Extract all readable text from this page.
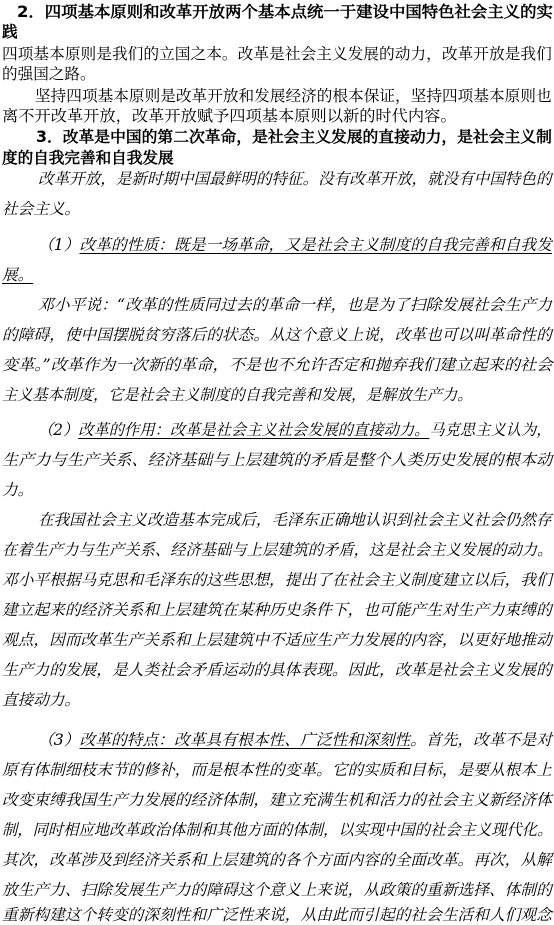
2．四项基本原则和改革开放两个基本点统一于建设中国特色社会主义的实
践
四项基本原则是我们的立国之本。改革是社会主义发展的动力，改革开放是我们
的强国之路。
坚持四项基本原则是改革开放和发展经济的根本保证，坚持四项基本原则也
离不开改革开放，改革开放赋予四项基本原则以新的时代内容。
3．改革是中国的第二次革命，是社会主义发展的直接动力，是社会主义制
度的自我完善和自我发展
改革开放，是新时期中国最鲜明的特征。没有改革开放，就没有中国特色的
社会主义。
（1）改革的性质：既是一场革命，又是社会主义制度的自我完善和自我发
展。
邓小平说：“改革的性质同过去的革命一样，也是为了扫除发展社会生产力
的障碍，使中国摆脱贫穷落后的状态。从这个意义上说，改革也可以叫革命性的
变革。”改革作为一次新的革命，不是也不允许否定和抛弃我们建立起来的社会
主义基本制度，它是社会主义制度的自我完善和发展，是解放生产力。
（2）改革的作用：改革是社会主义社会发展的直接动力。马克思主义认为，
生产力与生产关系、经济基础与上层建筑的矛盾是整个人类历史发展的根本动
力。
在我国社会主义改造基本完成后，毛泽东正确地认识到社会主义社会仍然存
在着生产力与生产关系、经济基础与上层建筑的矛盾，这是社会主义发展的动力。
邓小平根据马克思和毛泽东的这些思想，提出了在社会主义制度建立以后，我们
建立起来的经济关系和上层建筑在某种历史条件下，也可能产生对生产力束缚的
观点，因而改革生产关系和上层建筑中不适应生产力发展的内容，以更好地推动
生产力的发展，是人类社会矛盾运动的具体表现。因此，改革是社会主义发展的
直接动力。
（3）改革的特点：改革具有根本性、广泛性和深刻性。首先，改革不是对
原有体制细枝末节的修补，而是根本性的变革。它的实质和目标，是要从根本上
改变束缚我国生产力发展的经济体制，建立充满生机和活力的社会主义新经济体
制，同时相应地改革政治体制和其他方面的体制，以实现中国的社会主义现代化。
其次，改革涉及到经济关系和上层建筑的各个方面内容的全面改革。再次，从解
放生产力、扫除发展生产力的障碍这个意义上来说，从政策的重新选择、体制的
重新构建这个转变的深刻性和广泛性来说，从由此而引起的社会生活和人们观念
